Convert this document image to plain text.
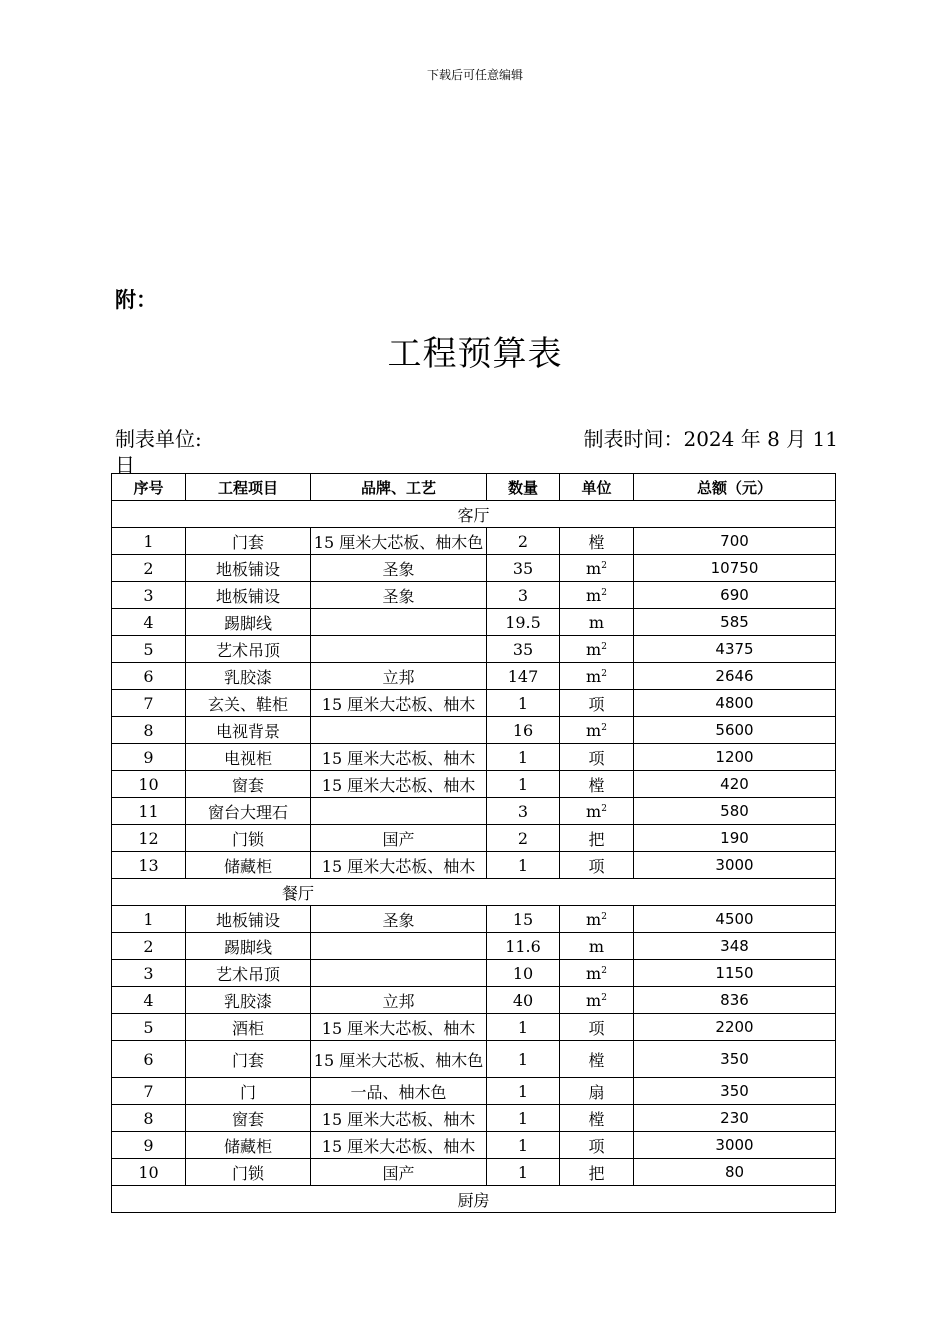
下载后可任意编辑
附：
工程预算表
制表单位:	制表时间：2024 年 8 月 11
日
序号	工程项目	品牌、工艺	数量	单位	总额（元）
客厅					
1	门套	15 厘米大芯板、柚木色	2	樘	700
2	地板铺设	圣象	35	$m^2$	10750
3	地板铺设	圣象	3	$m^2$	690
4	踢脚线		19.5	m	585
5	艺术吊顶		35	$m^2$	4375
6	乳胶漆	立邦	147	$m^2$	2646
7	玄关、鞋柜	15 厘米大芯板、柚木	1	项	4800
8	电视背景		16	$m^2$	5600
9	电视柜	15 厘米大芯板、柚木	1	项	1200
10	窗套	15 厘米大芯板、柚木	1	樘	420
11	窗台大理石		3	$m^2$	580
12	门锁	国产	2	把	190
13	储藏柜	15 厘米大芯板、柚木	1	项	3000
餐厅					
1	地板铺设	圣象	15	$m^2$	4500
2	踢脚线		11.6	m	348
3	艺术吊顶		10	$m^2$	1150
4	乳胶漆	立邦	40	$m^2$	836
5	酒柜	15 厘米大芯板、柚木	1	项	2200
6	门套	15 厘米大芯板、柚木色	1	樘	350
7	门	一品、柚木色	1	扇	350
8	窗套	15 厘米大芯板、柚木	1	樘	230
9	储藏柜	15 厘米大芯板、柚木	1	项	3000
10	门锁	国产	1	把	80
厨房					
